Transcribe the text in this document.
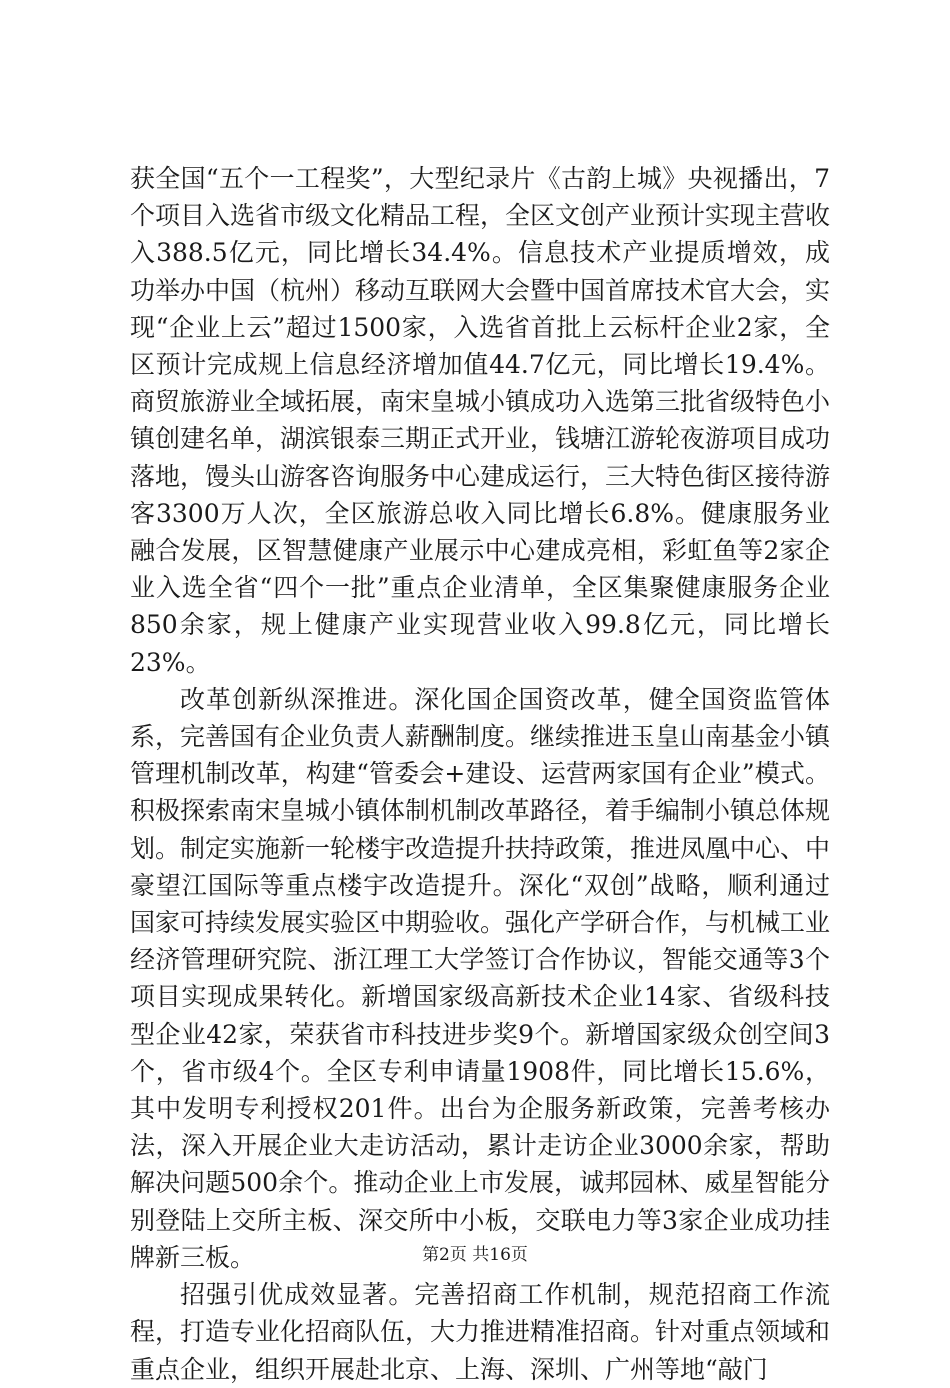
获全国“五个一工程奖”，大型纪录片《古韵上城》央视播出，7个项目入选省市级文化精品工程，全区文创产业预计实现主营收入388.5亿元，同比增长34.4%。信息技术产业提质增效，成功举办中国（杭州）移动互联网大会暨中国首席技术官大会，实现“企业上云”超过1500家，入选省首批上云标杆企业2家，全区预计完成规上信息经济增加值44.7亿元，同比增长19.4%。商贸旅游业全域拓展，南宋皇城小镇成功入选第三批省级特色小镇创建名单，湖滨银泰三期正式开业，钱塘江游轮夜游项目成功落地，馒头山游客咨询服务中心建成运行，三大特色街区接待游客3300万人次，全区旅游总收入同比增长6.8%。健康服务业融合发展，区智慧健康产业展示中心建成亮相，彩虹鱼等2家企业入选全省“四个一批”重点企业清单，全区集聚健康服务企业850余家，规上健康产业实现营业收入99.8亿元，同比增长23%。

改革创新纵深推进。深化国企国资改革，健全国资监管体系，完善国有企业负责人薪酬制度。继续推进玉皇山南基金小镇管理机制改革，构建“管委会+建设、运营两家国有企业”模式。积极探索南宋皇城小镇体制机制改革路径，着手编制小镇总体规划。制定实施新一轮楼宇改造提升扶持政策，推进凤凰中心、中豪望江国际等重点楼宇改造提升。深化“双创”战略，顺利通过国家可持续发展实验区中期验收。强化产学研合作，与机械工业经济管理研究院、浙江理工大学签订合作协议，智能交通等3个项目实现成果转化。新增国家级高新技术企业14家、省级科技型企业42家，荣获省市科技进步奖9个。新增国家级众创空间3个，省市级4个。全区专利申请量1908件，同比增长15.6%，其中发明专利授权201件。出台为企服务新政策，完善考核办法，深入开展企业大走访活动，累计走访企业3000余家，帮助解决问题500余个。推动企业上市发展，诚邦园林、威星智能分别登陆上交所主板、深交所中小板，交联电力等3家企业成功挂牌新三板。

招强引优成效显著。完善招商工作机制，规范招商工作流程，打造专业化招商队伍，大力推进精准招商。针对重点领域和重点企业，组织开展赴北京、上海、深圳、广州等地“敲门

第2页 共16页
